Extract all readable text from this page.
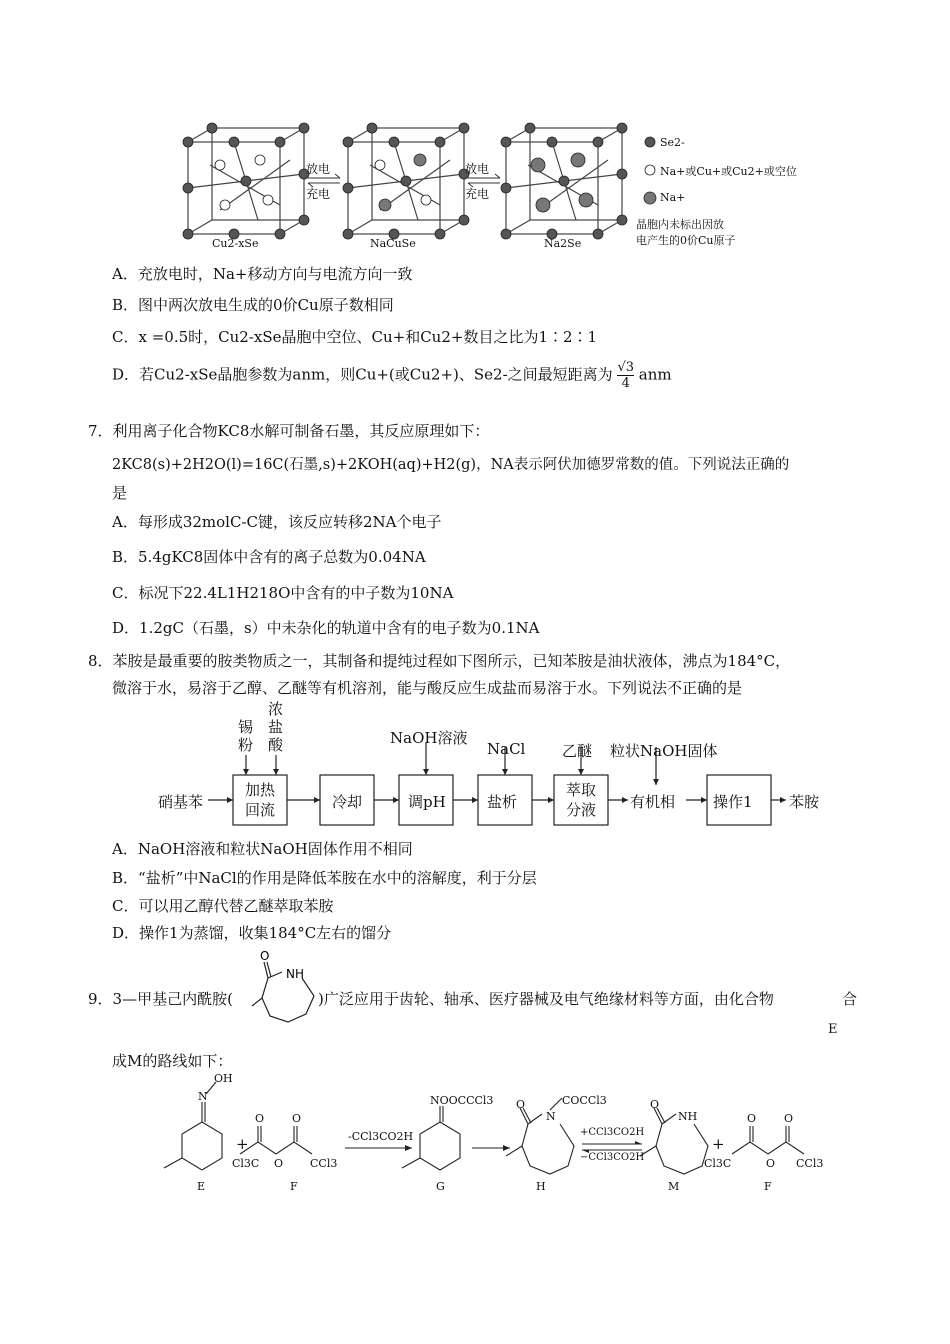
放电
充电
放电
充电
Cu2-xSe	NaCuSe	Na2Se
Se2-
Na+或Cu+或Cu2+或空位
Na+
晶胞内未标出因放
电产生的0价Cu原子
A．充放电时，Na+移动方向与电流方向一致
B．图中两次放电生成的0价Cu原子数相同
C．x =0.5时，Cu2-xSe晶胞中空位、Cu+和Cu2+数目之比为1∶2∶1
D．若Cu2-xSe晶胞参数为anm，则Cu+(或Cu2+)、Se2-之间最短距离为 $\frac{√3}{4}$ anm
7．利用离子化合物KC8水解可制备石墨，其反应原理如下：
2KC8(s)+2H2O(l)=16C(石墨,s)+2KOH(aq)+H2(g)，NA表示阿伏加德罗常数的值。下列说法正确的
是
A．每形成32molC-C键，该反应转移2NA个电子
B．5.4gKC8固体中含有的离子总数为0.04NA
C．标况下22.4L1H218O中含有的中子数为10NA
D．1.2gC（石墨，s）中未杂化的轨道中含有的电子数为0.1NA
8．苯胺是最重要的胺类物质之一，其制备和提纯过程如下图所示，已知苯胺是油状液体，沸点为184°C，
微溶于水，易溶于乙醇、乙醚等有机溶剂，能与酸反应生成盐而易溶于水。下列说法不正确的是
硝基苯
锡粉
浓盐酸
加热回流	冷却
NaOH溶液
调pH
NaCl
盐析
乙醚
萃取分液 有机相
粒状NaOH固体
操作1 苯胺
A．NaOH溶液和粒状NaOH固体作用不相同
B．“盐析”中NaCl的作用是降低苯胺在水中的溶解度，利于分层
C．可以用乙醇代替乙醚萃取苯胺
D．操作1为蒸馏，收集184°C左右的馏分
9．3—甲基己内酰胺(
O
NH
)广泛应用于齿轮、轴承、医疗器械及电气绝缘材料等方面，由化合物	合
E
成M的路线如下：
OH
N
E
+
O	O
O
Cl3C	CCl3
F
-CCl3CO2H
NOOCCCl3
G
O
N
COCCl3
H
+CCl3CO2H
−CCl3CO2H
O
NH
M
+
O	O
O
Cl3C	CCl3
F
